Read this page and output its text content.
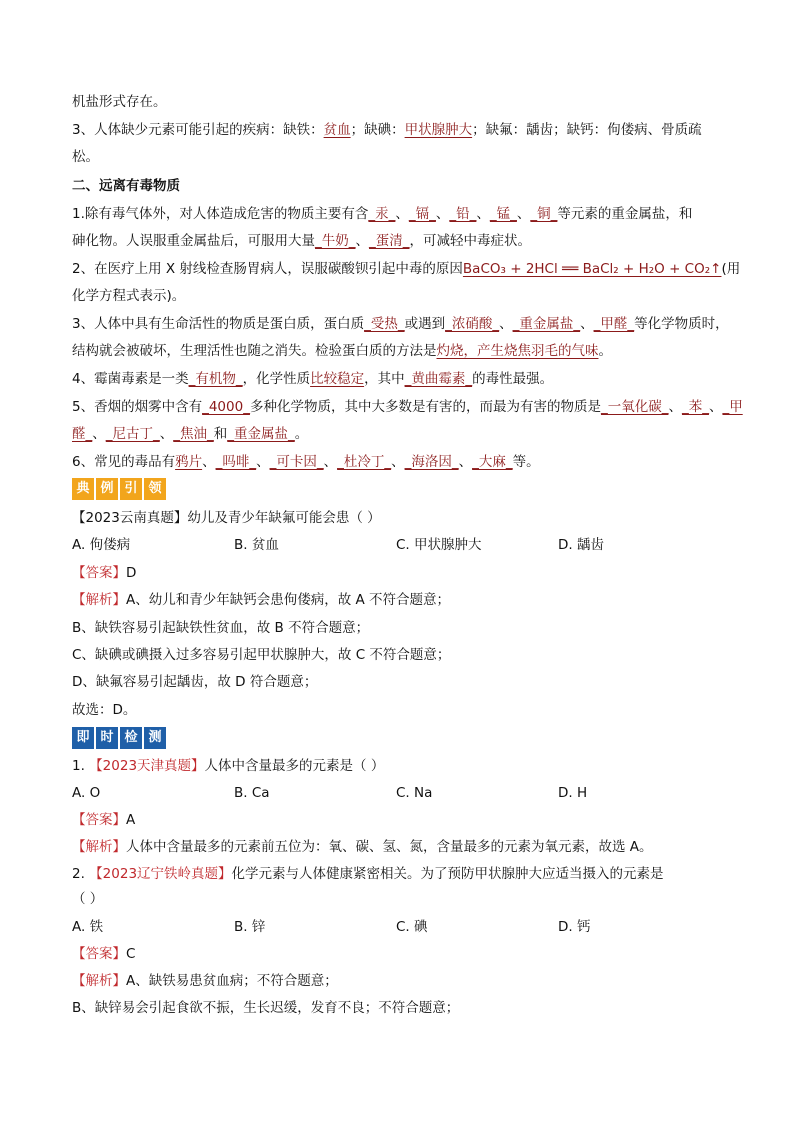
机盐形式存在。
3、人体缺少元素可能引起的疾病：缺铁：贫血；缺碘：甲状腺肿大；缺氟：龋齿；缺钙：佝偻病、骨质疏
松。
二、远离有毒物质
1.除有毒气体外，对人体造成危害的物质主要有含_汞_、_镉_、_铅_、_锰_、_铜_等元素的重金属盐，和
砷化物。人误服重金属盐后，可服用大量_牛奶_、_蛋清_，可减轻中毒症状。
2、在医疗上用 X 射线检查肠胃病人，误服碳酸钡引起中毒的原因BaCO₃ + 2HCl ══ BaCl₂ + H₂O + CO₂↑(用
化学方程式表示)。
3、人体中具有生命活性的物质是蛋白质，蛋白质_受热_或遇到_浓硝酸_、_重金属盐_、_甲醛_等化学物质时，
结构就会被破坏，生理活性也随之消失。检验蛋白质的方法是灼烧，产生烧焦羽毛的气味。
4、霉菌毒素是一类_有机物_，化学性质比较稳定，其中_黄曲霉素_的毒性最强。
5、香烟的烟雾中含有_4000_多种化学物质，其中大多数是有害的，而最为有害的物质是_一氧化碳_、_苯_、_甲
醛_、_尼古丁_、_焦油_和_重金属盐_。
6、常见的毒品有鸦片、_吗啡_、_可卡因_、_杜冷丁_、_海洛因_、_大麻_等。
典 例 引 领
【2023云南真题】幼儿及青少年缺氟可能会患（ ）
A. 佝偻病	B. 贫血	C. 甲状腺肿大	D. 龋齿
【答案】D
【解析】A、幼儿和青少年缺钙会患佝偻病，故 A 不符合题意；
B、缺铁容易引起缺铁性贫血，故 B 不符合题意；
C、缺碘或碘摄入过多容易引起甲状腺肿大，故 C 不符合题意；
D、缺氟容易引起龋齿，故 D 符合题意；
故选：D。
即 时 检 测
1. 【2023天津真题】人体中含量最多的元素是（ ）
A. O	B. Ca	C. Na	D. H
【答案】A
【解析】人体中含量最多的元素前五位为：氧、碳、氢、氮，含量最多的元素为氧元素，故选 A。
2. 【2023辽宁铁岭真题】化学元素与人体健康紧密相关。为了预防甲状腺肿大应适当摄入的元素是
（ ）
A. 铁	B. 锌	C. 碘	D. 钙
【答案】C
【解析】A、缺铁易患贫血病；不符合题意；
B、缺锌易会引起食欲不振，生长迟缓，发育不良；不符合题意；
